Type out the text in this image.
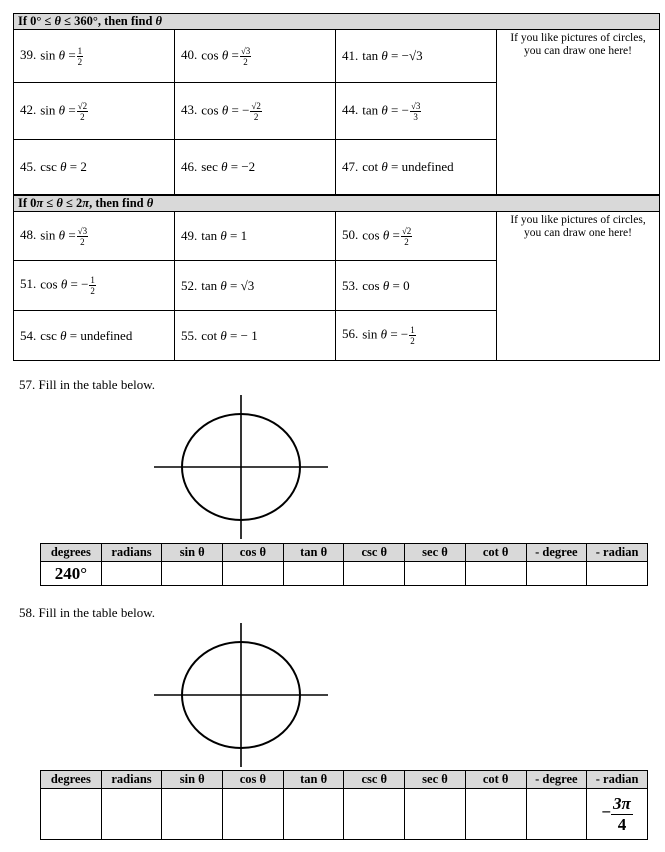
If 0° ≤ θ ≤ 360°, then find θ			
39. $\sin \theta = \frac{1}{2}$	40. $\cos \theta = \frac{√3}{2}$	41. tan θ = −√3	If you like pictures of circles, you can draw one here!
42. $\sin \theta = \frac{√2}{2}$	43. cos θ = − $\frac{√2}{2}$	44. tan θ = − $\frac{√3}{3}$

45. csc θ = 2	46. sec θ = −2	47. cot θ = undefined	
If 0π ≤ θ ≤ 2π, then find θ			
48. $\sin \theta = \frac{√3}{2}$	49. tan θ = 1	50. $\cos \theta = \frac{√2}{2}$	If you like pictures of circles, you can draw one here!
51. cos θ = − $\frac{1}{2}$	52. tan θ = √3	53. cos θ = 0	
54. csc θ = undefined	55. cot θ = − 1	56. sin θ = − $\frac{1}{2}$
57. Fill in the table below.
degrees	radians	sin θ	cos θ	tan θ	csc θ	sec θ	cot θ	- degree	- radian
240°									
58. Fill in the table below.
degrees	radians	sin θ	cos θ	tan θ	csc θ	sec θ	cot θ	- degree	- radian
									− $\frac{3\pi}{4}$
